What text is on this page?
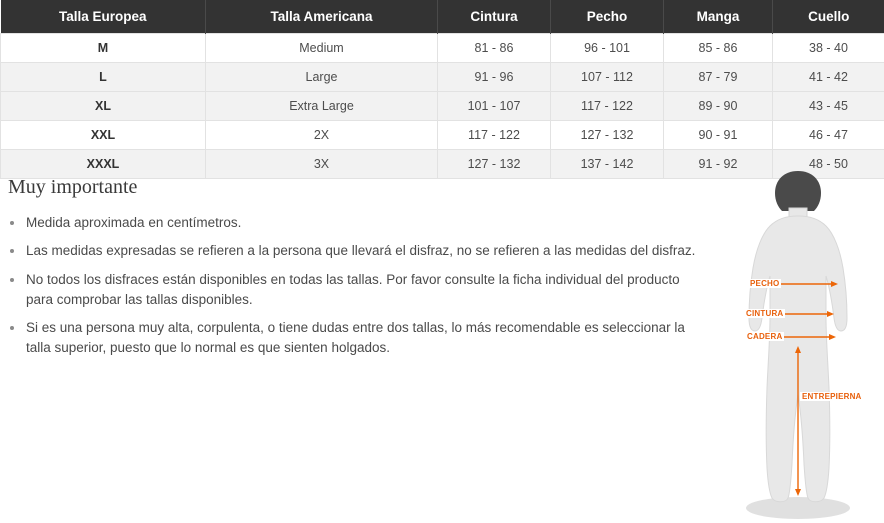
Talla Europea	Talla Americana	Cintura	Pecho	Manga	Cuello
M	Medium	81 - 86	96 - 101	85 - 86	38 - 40
L	Large	91 - 96	107 - 112	87 - 79	41 - 42
XL	Extra Large	101 - 107	117 - 122	89 - 90	43 - 45
XXL	2X	117 - 122	127 - 132	90 - 91	46 - 47
XXXL	3X	127 - 132	137 - 142	91 - 92	48 - 50
Muy importante
Medida aproximada en centímetros.
Las medidas expresadas se refieren a la persona que llevará el disfraz, no se refieren a las medidas del disfraz.
No todos los disfraces están disponibles en todas las tallas. Por favor consulte la ficha individual del producto para comprobar las tallas disponibles.
Si es una persona muy alta, corpulenta, o tiene dudas entre dos tallas, lo más recomendable es seleccionar la talla superior, puesto que lo normal es que sienten holgados.
PECHO
CINTURA
CADERA
ENTREPIERNA
